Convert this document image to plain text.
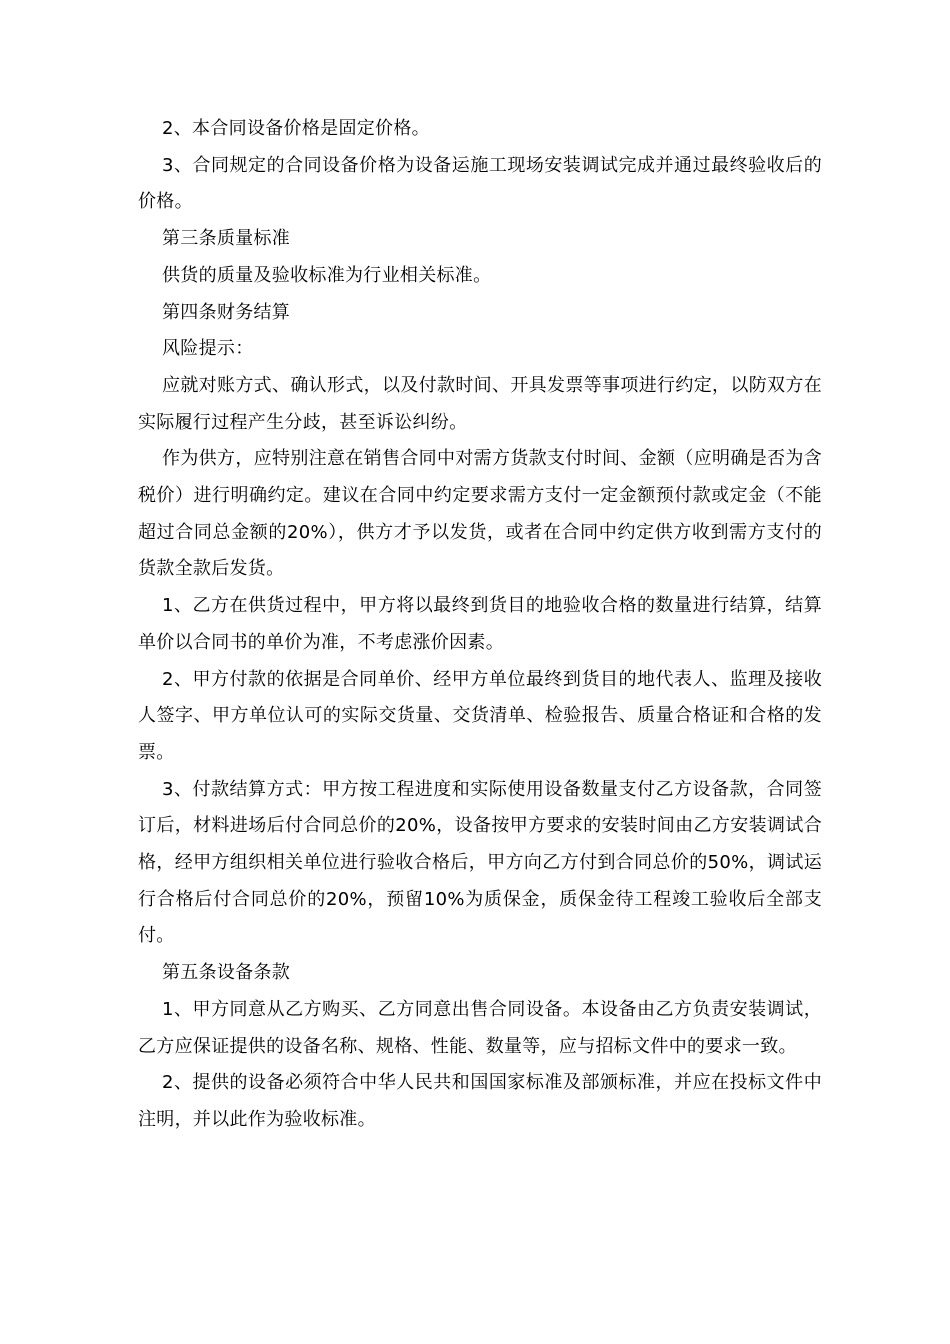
2、本合同设备价格是固定价格。

3、合同规定的合同设备价格为设备运施工现场安装调试完成并通过最终验收后的价格。

第三条质量标准

供货的质量及验收标准为行业相关标准。

第四条财务结算

风险提示：

应就对账方式、确认形式，以及付款时间、开具发票等事项进行约定，以防双方在实际履行过程产生分歧，甚至诉讼纠纷。

作为供方，应特别注意在销售合同中对需方货款支付时间、金额（应明确是否为含税价）进行明确约定。建议在合同中约定要求需方支付一定金额预付款或定金（不能超过合同总金额的20%），供方才予以发货，或者在合同中约定供方收到需方支付的货款全款后发货。

1、乙方在供货过程中，甲方将以最终到货目的地验收合格的数量进行结算，结算单价以合同书的单价为准，不考虑涨价因素。

2、甲方付款的依据是合同单价、经甲方单位最终到货目的地代表人、监理及接收人签字、甲方单位认可的实际交货量、交货清单、检验报告、质量合格证和合格的发票。

3、付款结算方式：甲方按工程进度和实际使用设备数量支付乙方设备款，合同签订后，材料进场后付合同总价的20%，设备按甲方要求的安装时间由乙方安装调试合格，经甲方组织相关单位进行验收合格后，甲方向乙方付到合同总价的50%，调试运行合格后付合同总价的20%，预留10%为质保金，质保金待工程竣工验收后全部支付。

第五条设备条款

1、甲方同意从乙方购买、乙方同意出售合同设备。本设备由乙方负责安装调试，乙方应保证提供的设备名称、规格、性能、数量等，应与招标文件中的要求一致。

2、提供的设备必须符合中华人民共和国国家标准及部颁标准，并应在投标文件中注明，并以此作为验收标准。
